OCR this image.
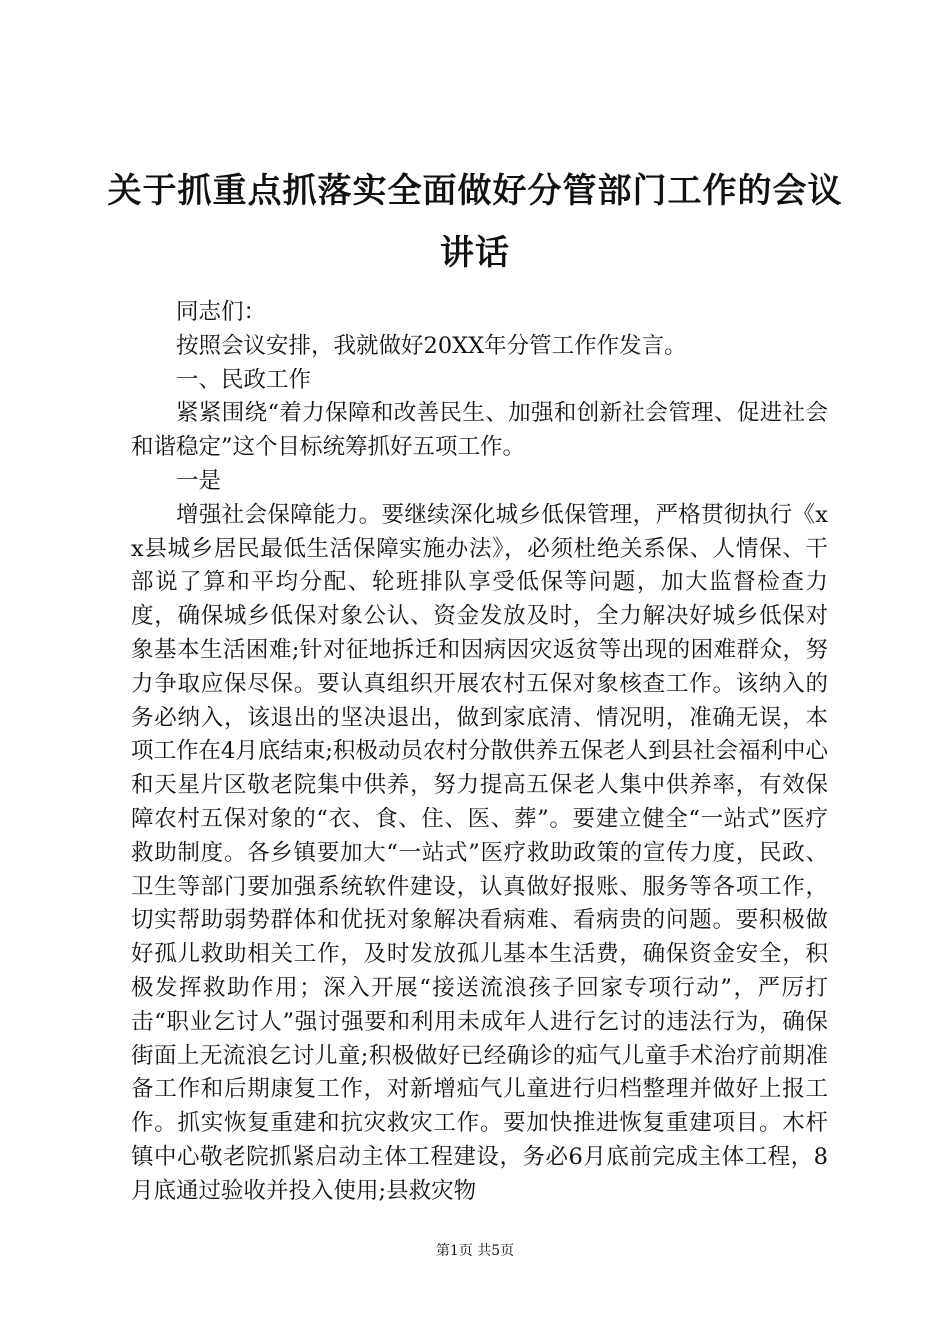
关于抓重点抓落实全面做好分管部门工作的会议讲话

同志们：

按照会议安排，我就做好20XX年分管工作作发言。

一、民政工作

紧紧围绕“着力保障和改善民生、加强和创新社会管理、促进社会和谐稳定”这个目标统筹抓好五项工作。

一是

增强社会保障能力。要继续深化城乡低保管理，严格贯彻执行《xx县城乡居民最低生活保障实施办法》，必须杜绝关系保、人情保、干部说了算和平均分配、轮班排队享受低保等问题，加大监督检查力度，确保城乡低保对象公认、资金发放及时，全力解决好城乡低保对象基本生活困难;针对征地拆迁和因病因灾返贫等出现的困难群众，努力争取应保尽保。要认真组织开展农村五保对象核查工作。该纳入的务必纳入，该退出的坚决退出，做到家底清、情况明，准确无误，本项工作在4月底结束;积极动员农村分散供养五保老人到县社会福利中心和天星片区敬老院集中供养，努力提高五保老人集中供养率，有效保障农村五保对象的“衣、食、住、医、葬”。要建立健全“一站式”医疗救助制度。各乡镇要加大“一站式”医疗救助政策的宣传力度，民政、卫生等部门要加强系统软件建设，认真做好报账、服务等各项工作，切实帮助弱势群体和优抚对象解决看病难、看病贵的问题。要积极做好孤儿救助相关工作，及时发放孤儿基本生活费，确保资金安全，积极发挥救助作用；深入开展“接送流浪孩子回家专项行动”，严厉打击“职业乞讨人”强讨强要和利用未成年人进行乞讨的违法行为，确保街面上无流浪乞讨儿童;积极做好已经确诊的疝气儿童手术治疗前期准备工作和后期康复工作，对新增疝气儿童进行归档整理并做好上报工作。抓实恢复重建和抗灾救灾工作。要加快推进恢复重建项目。木杆镇中心敬老院抓紧启动主体工程建设，务必6月底前完成主体工程，8月底通过验收并投入使用;县救灾物

第1页 共5页
